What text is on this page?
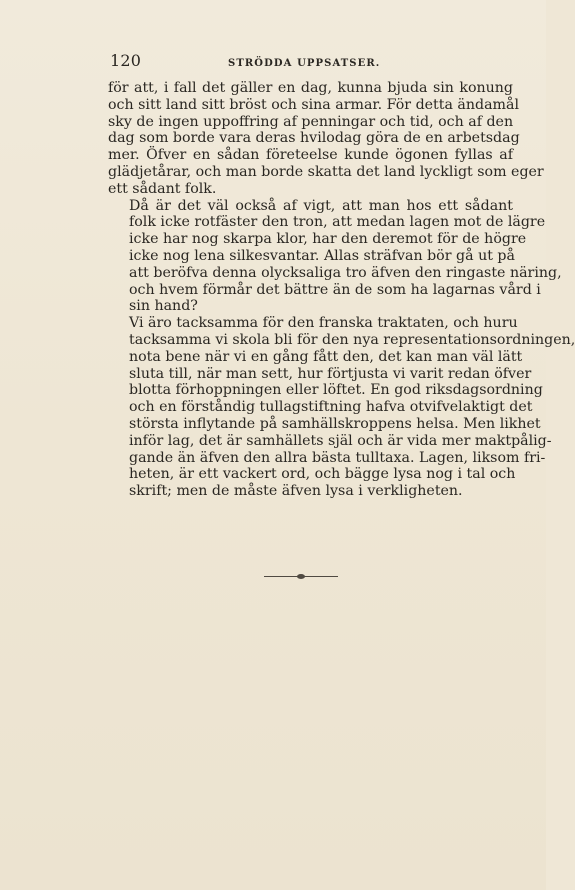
120	STRÖDDA UPPSATSER.

för att, i fall det gäller en dag, kunna bjuda sin konung
och sitt land sitt bröst och sina armar. För detta ändamål
sky de ingen uppoffring af penningar och tid, och af den
dag som borde vara deras hvilodag göra de en arbetsdag
mer. Öfver en sådan företeelse kunde ögonen fyllas af
glädjetårar, och man borde skatta det land lyckligt som eger
ett sådant folk.

Då är det väl också af vigt, att man hos ett sådant
folk icke rotfäster den tron, att medan lagen mot de lägre
icke har nog skarpa klor, har den deremot för de högre
icke nog lena silkesvantar. Allas sträfvan bör gå ut på
att beröfva denna olycksaliga tro äfven den ringaste näring,
och hvem förmår det bättre än de som ha lagarnas vård i
sin hand?

Vi äro tacksamma för den franska traktaten, och huru
tacksamma vi skola bli för den nya representationsordningen,
nota bene när vi en gång fått den, det kan man väl lätt
sluta till, när man sett, hur förtjusta vi varit redan öfver
blotta förhoppningen eller löftet. En god riksdagsordning
och en förståndig tullagstiftning hafva otvifvelaktigt det
största inflytande på samhällskroppens helsa. Men likhet
inför lag, det är samhällets själ och är vida mer maktpålig-
gande än äfven den allra bästa tulltaxa. Lagen, liksom fri-
heten, är ett vackert ord, och bägge lysa nog i tal och
skrift; men de måste äfven lysa i verkligheten.
